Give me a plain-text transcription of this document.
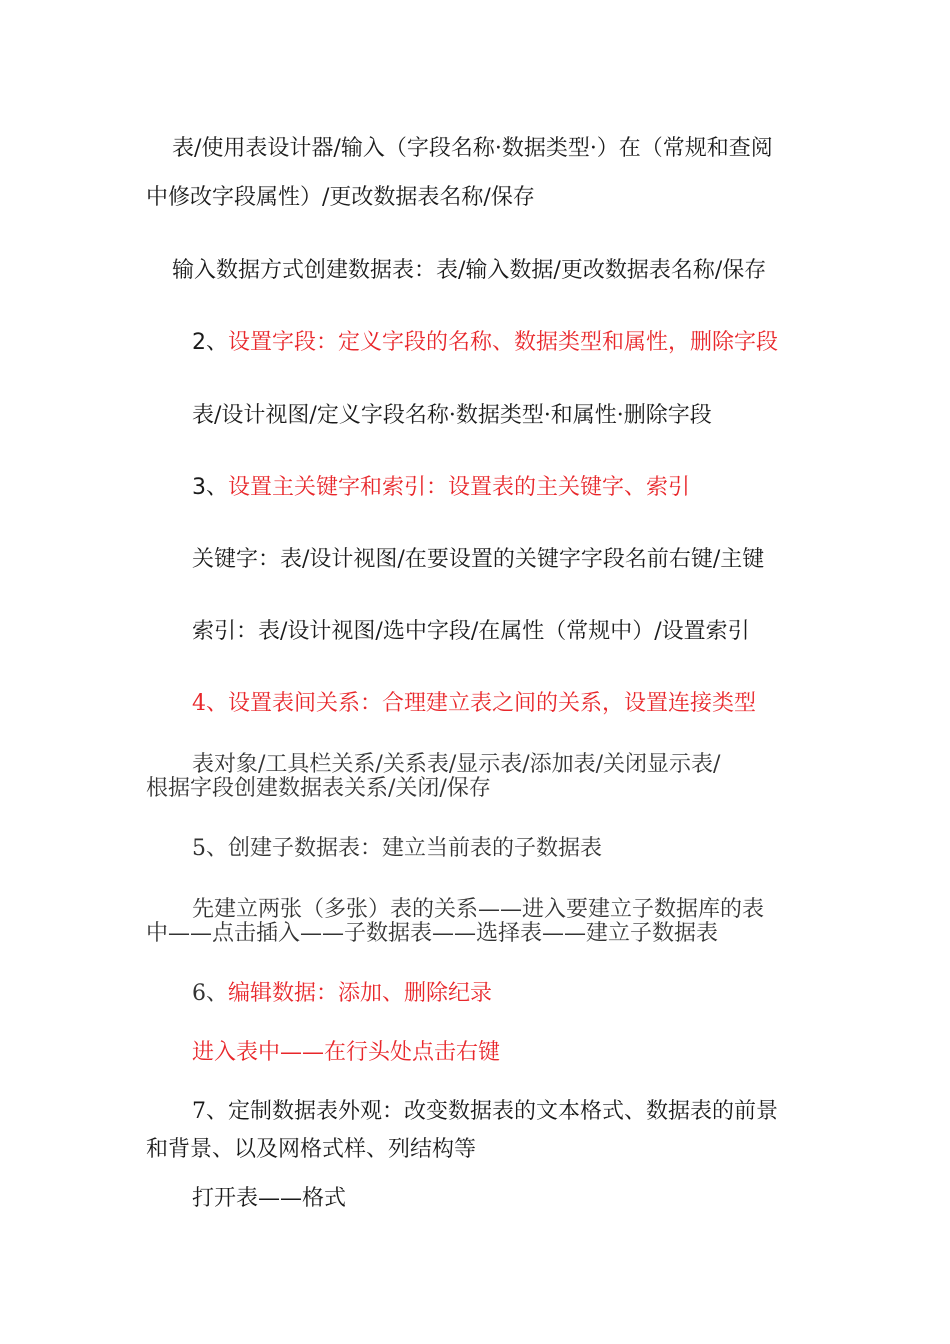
表/使用表设计器/输入（字段名称·数据类型·）在（常规和查阅
中修改字段属性）/更改数据表名称/保存
输入数据方式创建数据表：表/输入数据/更改数据表名称/保存
2、设置字段：定义字段的名称、数据类型和属性，删除字段
表/设计视图/定义字段名称·数据类型·和属性·删除字段
3、设置主关键字和索引：设置表的主关键字、索引
关键字：表/设计视图/在要设置的关键字字段名前右键/主键
索引：表/设计视图/选中字段/在属性（常规中）/设置索引
4、设置表间关系：合理建立表之间的关系，设置连接类型
表对象/工具栏关系/关系表/显示表/添加表/关闭显示表/
根据字段创建数据表关系/关闭/保存
5、创建子数据表：建立当前表的子数据表
先建立两张（多张）表的关系——进入要建立子数据库的表
中——点击插入——子数据表——选择表——建立子数据表
6、编辑数据：添加、删除纪录
进入表中——在行头处点击右键
7、定制数据表外观：改变数据表的文本格式、数据表的前景
和背景、以及网格式样、列结构等
打开表——格式
